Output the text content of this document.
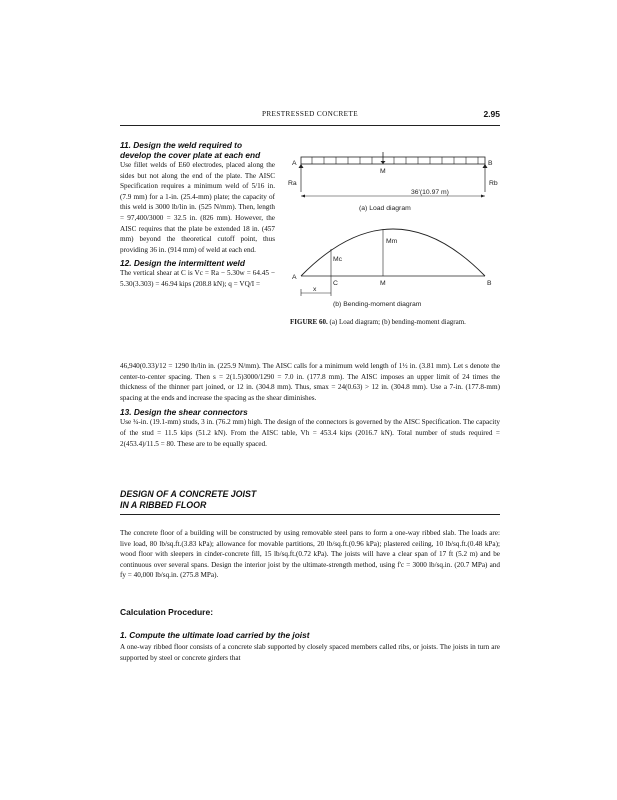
PRESTRESSED CONCRETE	2.95

11. Design the weld required to develop the cover plate at each end

Use fillet welds of E60 electrodes, placed along the sides but not along the end of the plate. The AISC Specification requires a minimum weld of 5/16 in. (7.9 mm) for a 1-in. (25.4-mm) plate; the capacity of this weld is 3000 lb/lin in. (525 N/mm). Then, length = 97,400/3000 = 32.5 in. (826 mm). However, the AISC requires that the plate be extended 18 in. (457 mm) beyond the theoretical cutoff point, thus providing 36 in. (914 mm) of weld at each end.

12. Design the intermittent weld

The vertical shear at C is Vc = Ra − 5.30w = 64.45 − 5.30(3.303) = 46.94 kips (208.8 kN); q = VQ/I =

M
A	B
Ra	Rb
36'(10.97 m)
(a) Load diagram
Mm
Mc
A
C	M	B
x
(b) Bending-moment diagram
FIGURE 60. (a) Load diagram; (b) bending-moment diagram.

46,940(0.33)/12 = 1290 lb/lin in. (225.9 N/mm). The AISC calls for a minimum weld length of 1½ in. (3.81 mm). Let s denote the center-to-center spacing. Then s = 2(1.5)3000/1290 = 7.0 in. (177.8 mm). The AISC imposes an upper limit of 24 times the thickness of the thinner part joined, or 12 in. (304.8 mm). Thus, smax = 24(0.63) > 12 in. (304.8 mm). Use a 7-in. (177.8-mm) spacing at the ends and increase the spacing as the shear diminishes.

13. Design the shear connectors

Use ¾-in. (19.1-mm) studs, 3 in. (76.2 mm) high. The design of the connectors is governed by the AISC Specification. The capacity of the stud = 11.5 kips (51.2 kN). From the AISC table, Vh = 453.4 kips (2016.7 kN). Total number of studs required = 2(453.4)/11.5 = 80. These are to be equally spaced.

DESIGN OF A CONCRETE JOIST
IN A RIBBED FLOOR

The concrete floor of a building will be constructed by using removable steel pans to form a one-way ribbed slab. The loads are: live load, 80 lb/sq.ft.(3.83 kPa); allowance for movable partitions, 20 lb/sq.ft.(0.96 kPa); plastered ceiling, 10 lb/sq.ft.(0.48 kPa); wood floor with sleepers in cinder-concrete fill, 15 lb/sq.ft.(0.72 kPa). The joists will have a clear span of 17 ft (5.2 m) and be continuous over several spans. Design the interior joist by the ultimate-strength method, using f'c = 3000 lb/sq.in. (20.7 MPa) and fy = 40,000 lb/sq.in. (275.8 MPa).

Calculation Procedure:

1. Compute the ultimate load carried by the joist

A one-way ribbed floor consists of a concrete slab supported by closely spaced members called ribs, or joists. The joists in turn are supported by steel or concrete girders that
